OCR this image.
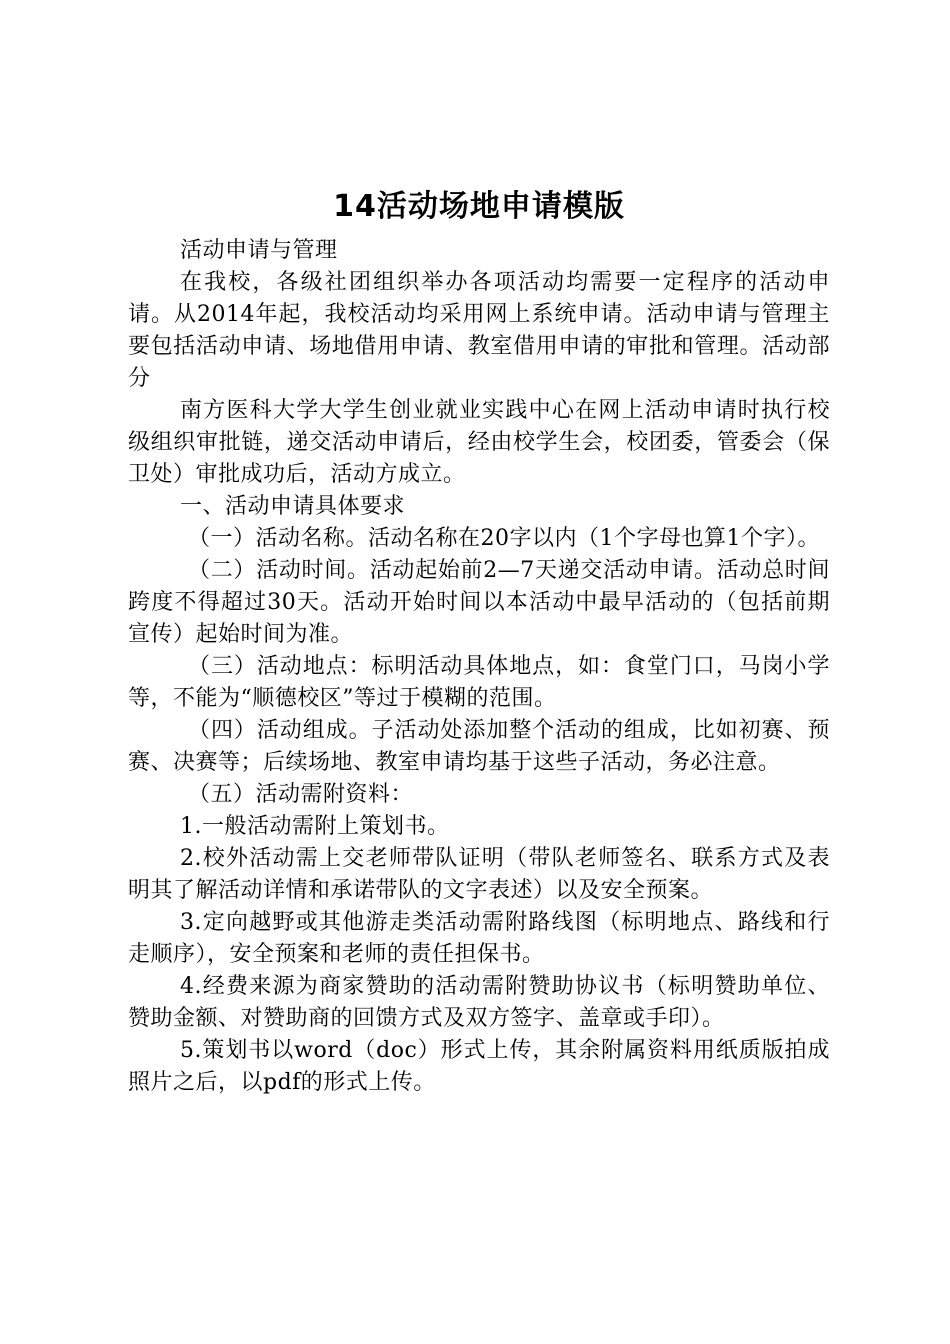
14活动场地申请模版

活动申请与管理

在我校，各级社团组织举办各项活动均需要一定程序的活动申请。从2014年起，我校活动均采用网上系统申请。活动申请与管理主要包括活动申请、场地借用申请、教室借用申请的审批和管理。活动部分

南方医科大学大学生创业就业实践中心在网上活动申请时执行校级组织审批链，递交活动申请后，经由校学生会，校团委，管委会（保卫处）审批成功后，活动方成立。

一、活动申请具体要求

（一）活动名称。活动名称在20字以内（1个字母也算1个字）。

（二）活动时间。活动起始前2—7天递交活动申请。活动总时间跨度不得超过30天。活动开始时间以本活动中最早活动的（包括前期宣传）起始时间为准。

（三）活动地点：标明活动具体地点，如：食堂门口，马岗小学等，不能为“顺德校区”等过于模糊的范围。

（四）活动组成。子活动处添加整个活动的组成，比如初赛、预赛、决赛等；后续场地、教室申请均基于这些子活动，务必注意。

（五）活动需附资料：

1.一般活动需附上策划书。

2.校外活动需上交老师带队证明（带队老师签名、联系方式及表明其了解活动详情和承诺带队的文字表述）以及安全预案。

3.定向越野或其他游走类活动需附路线图（标明地点、路线和行走顺序），安全预案和老师的责任担保书。

4.经费来源为商家赞助的活动需附赞助协议书（标明赞助单位、赞助金额、对赞助商的回馈方式及双方签字、盖章或手印）。

5.策划书以word（doc）形式上传，其余附属资料用纸质版拍成照片之后，以pdf的形式上传。
